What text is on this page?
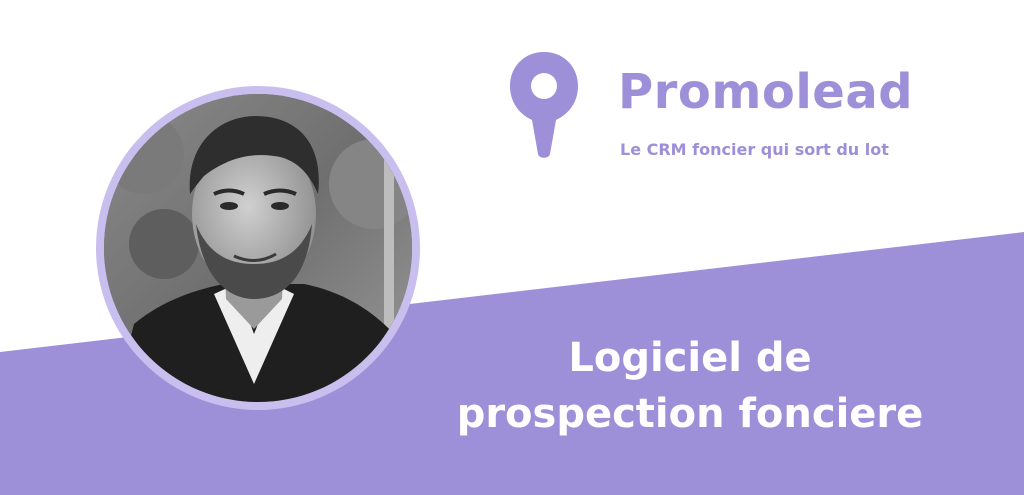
Promolead
Le CRM foncier qui sort du lot
Logiciel de
prospection fonciere
